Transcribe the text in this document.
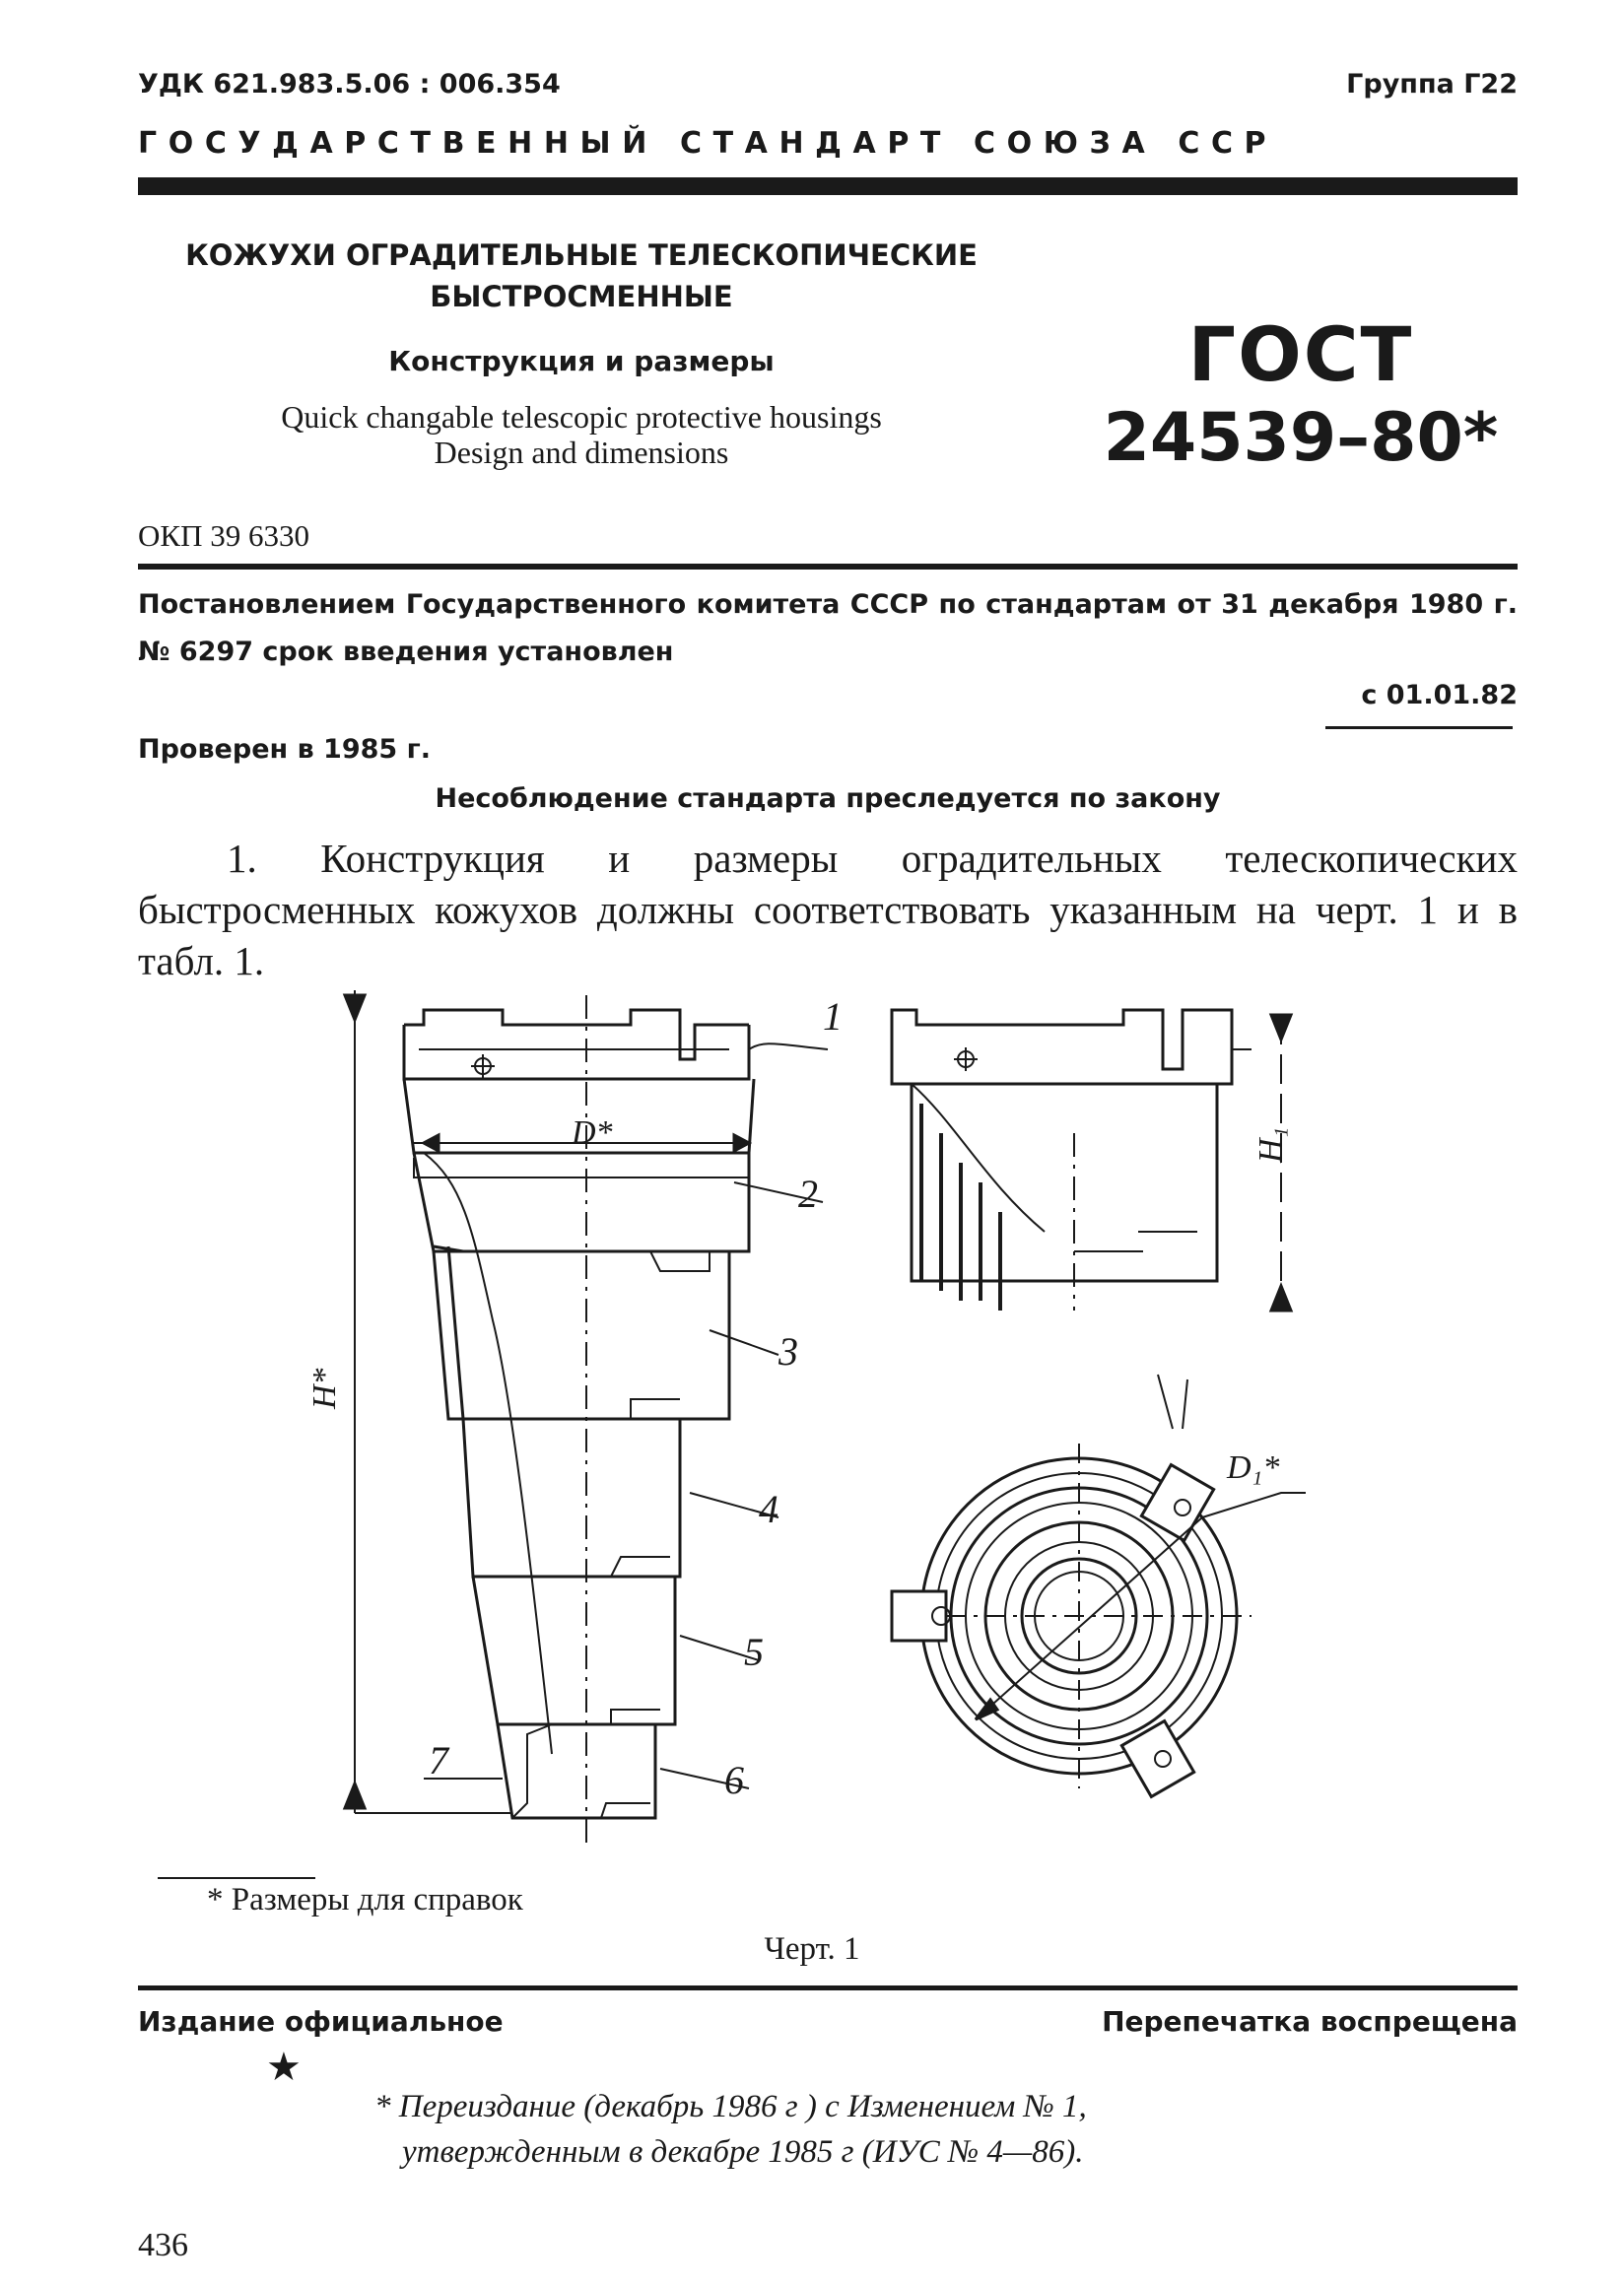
УДК 621.983.5.06 : 006.354	Группа Г22
ГОСУДАРСТВЕННЫЙ СТАНДАРТ СОЮЗА ССР
КОЖУХИ ОГРАДИТЕЛЬНЫЕ ТЕЛЕСКОПИЧЕСКИЕ
БЫСТРОСМЕННЫЕ
Конструкция и размеры
Quick changable telescopic protective housings
Design and dimensions
ГОСТ
24539–80*
ОКП 39 6330
Постановлением Государственного комитета СССР по стандартам от 31 декабря 1980 г. № 6297 срок введения установлен
с 01.01.82
Проверен в 1985 г.
Несоблюдение стандарта преследуется по закону
1. Конструкция и размеры оградительных телескопических быстросменных кожухов должны соответствовать указанным на черт. 1 и в табл. 1.
D*
D₁*
H*
H₁
1
2
3
4
5
6
7
* Размеры для справок
Черт. 1
Издание официальное	Перепечатка воспрещена
★
* Переиздание (декабрь 1986 г ) с Изменением № 1,
утвержденным в декабре 1985 г (ИУС № 4—86).
436
